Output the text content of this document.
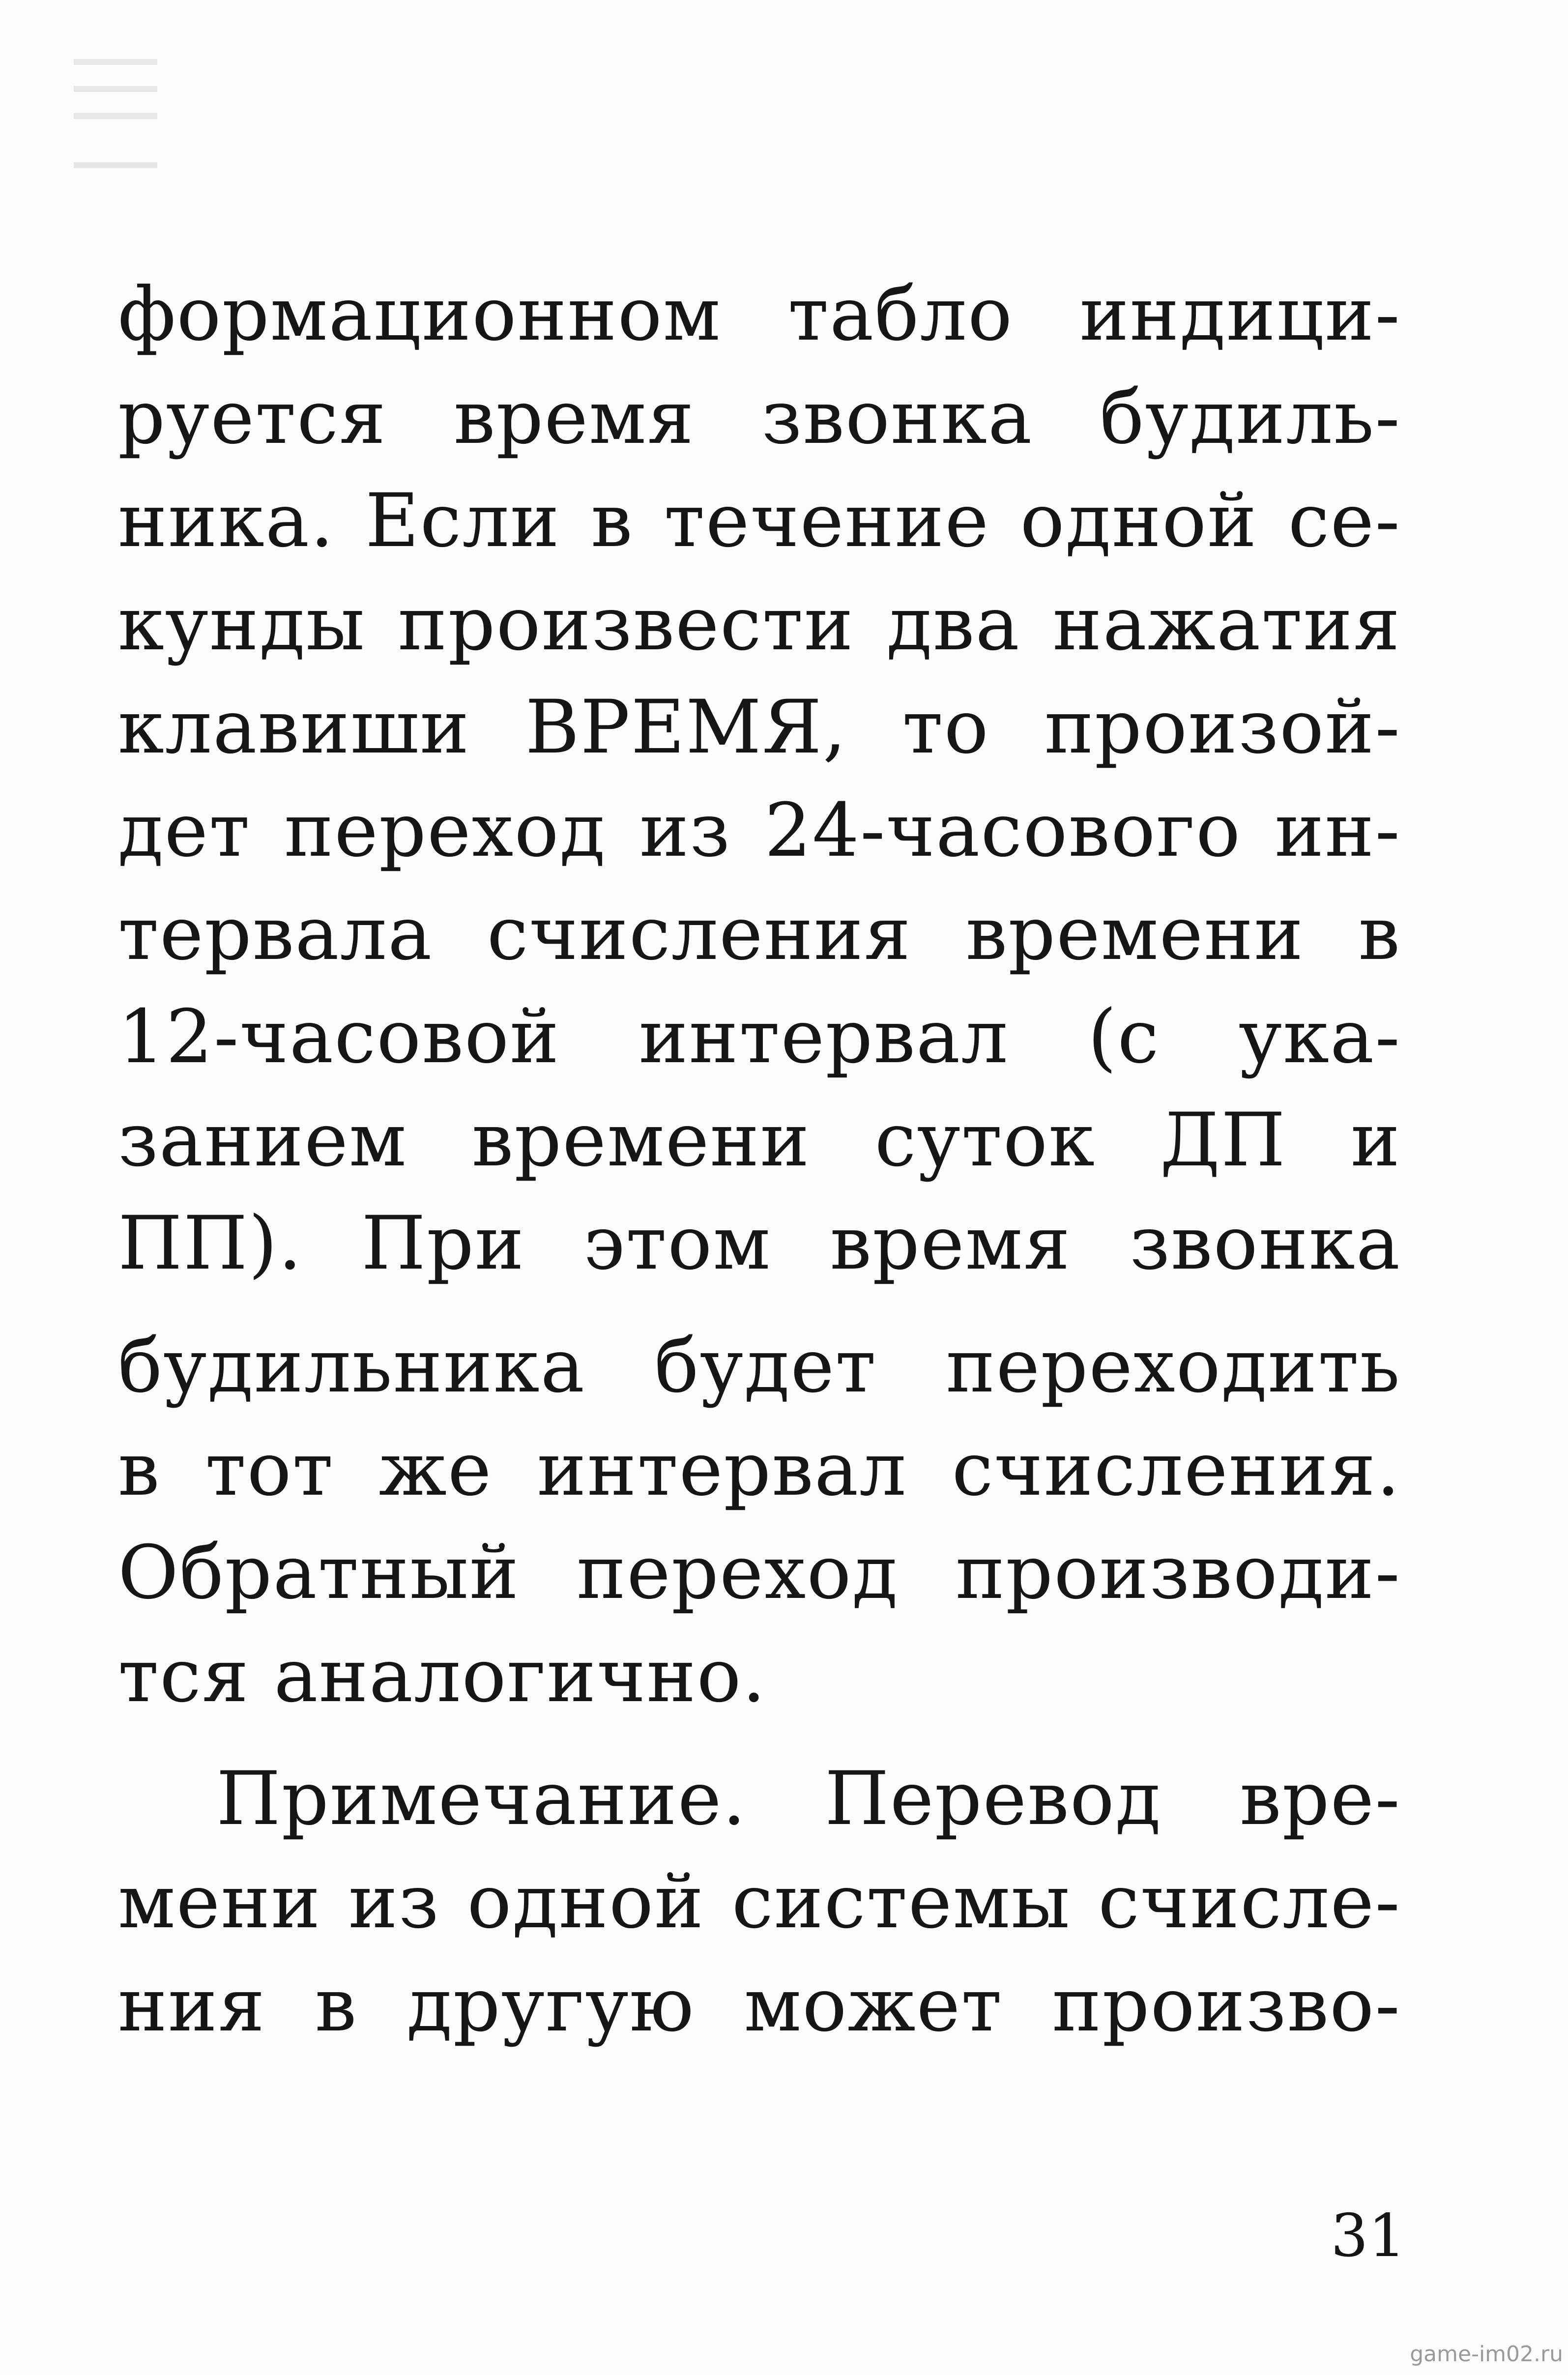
формационном табло индици-
руется время звонка будиль-
ника. Если в течение одной се-
кунды произвести два нажатия
клавиши ВРЕМЯ, то произой-
дет переход из 24-часового ин-
тервала счисления времени в
12-часовой интервал (с ука-
занием времени суток ДП и
ПП). При этом время звонка
будильника будет переходить
в тот же интервал счисления.
Обратный переход производи-
тся аналогично.
Примечание. Перевод вре-
мени из одной системы счисле-
ния в другую может произво-
31
game-im02.ru
